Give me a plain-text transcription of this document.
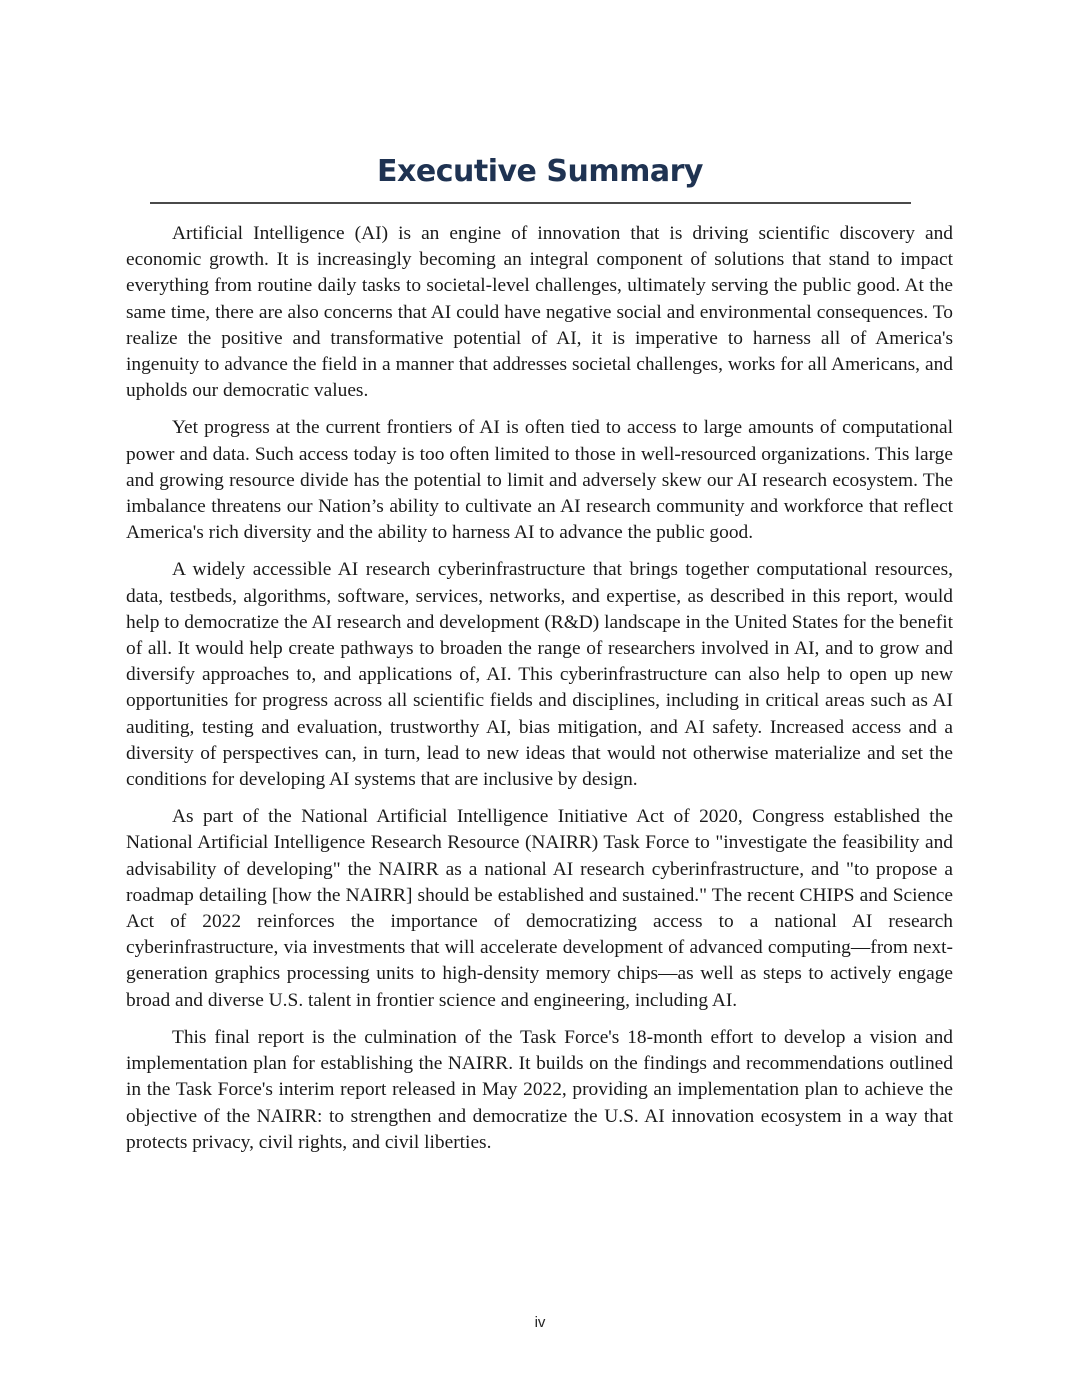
Executive Summary

Artificial Intelligence (AI) is an engine of innovation that is driving scientific discovery and economic growth. It is increasingly becoming an integral component of solutions that stand to impact everything from routine daily tasks to societal-level challenges, ultimately serving the public good. At the same time, there are also concerns that AI could have negative social and environmental consequences. To realize the positive and transformative potential of AI, it is imperative to harness all of America's ingenuity to advance the field in a manner that addresses societal challenges, works for all Americans, and upholds our democratic values.

Yet progress at the current frontiers of AI is often tied to access to large amounts of computational power and data. Such access today is too often limited to those in well-resourced organizations. This large and growing resource divide has the potential to limit and adversely skew our AI research ecosystem. The imbalance threatens our Nation’s ability to cultivate an AI research community and workforce that reflect America's rich diversity and the ability to harness AI to advance the public good.

A widely accessible AI research cyberinfrastructure that brings together computational resources, data, testbeds, algorithms, software, services, networks, and expertise, as described in this report, would help to democratize the AI research and development (R&D) landscape in the United States for the benefit of all. It would help create pathways to broaden the range of researchers involved in AI, and to grow and diversify approaches to, and applications of, AI. This cyberinfrastructure can also help to open up new opportunities for progress across all scientific fields and disciplines, including in critical areas such as AI auditing, testing and evaluation, trustworthy AI, bias mitigation, and AI safety. Increased access and a diversity of perspectives can, in turn, lead to new ideas that would not otherwise materialize and set the conditions for developing AI systems that are inclusive by design.

As part of the National Artificial Intelligence Initiative Act of 2020, Congress established the National Artificial Intelligence Research Resource (NAIRR) Task Force to "investigate the feasibility and advisability of developing" the NAIRR as a national AI research cyberinfrastructure, and "to propose a roadmap detailing [how the NAIRR] should be established and sustained." The recent CHIPS and Science Act of 2022 reinforces the importance of democratizing access to a national AI research cyberinfrastructure, via investments that will accelerate development of advanced computing—from next-generation graphics processing units to high-density memory chips—as well as steps to actively engage broad and diverse U.S. talent in frontier science and engineering, including AI.

This final report is the culmination of the Task Force's 18-month effort to develop a vision and implementation plan for establishing the NAIRR. It builds on the findings and recommendations outlined in the Task Force's interim report released in May 2022, providing an implementation plan to achieve the objective of the NAIRR: to strengthen and democratize the U.S. AI innovation ecosystem in a way that protects privacy, civil rights, and civil liberties.

iv
